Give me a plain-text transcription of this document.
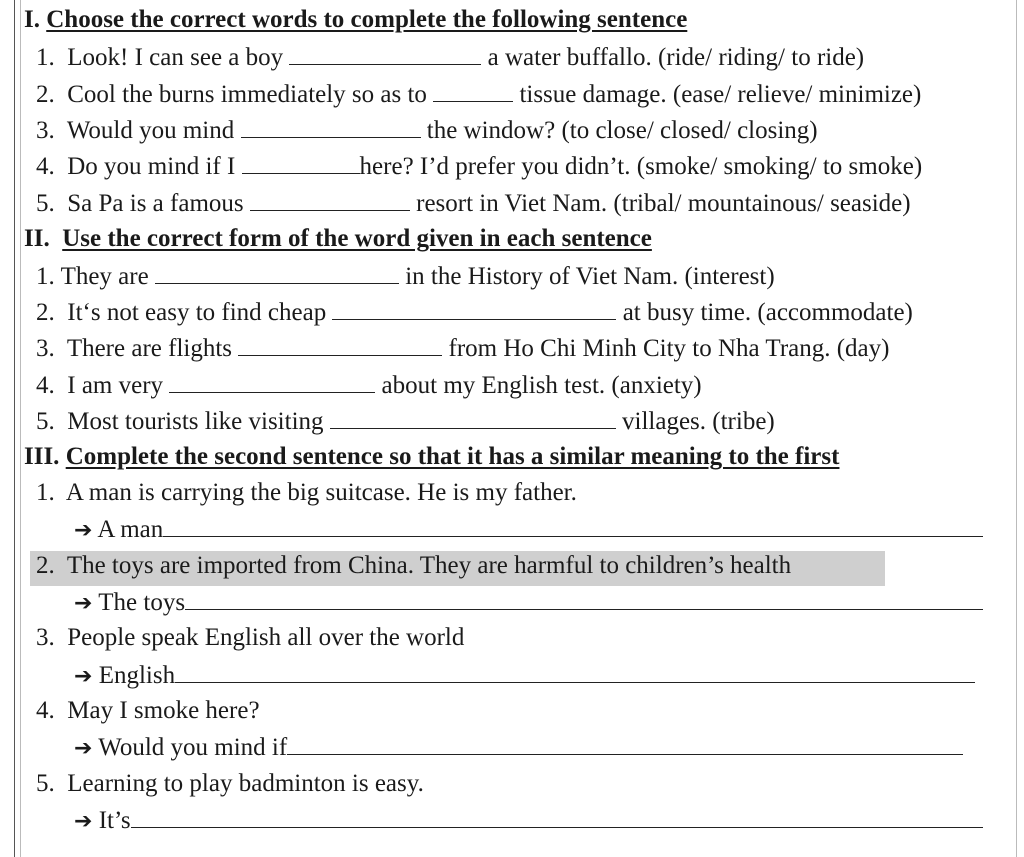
I. Choose the correct words to complete the following sentence
1. Look! I can see a boy	a water buffallo. (ride/ riding/ to ride)
2. Cool the burns immediately so as to	tissue damage. (ease/ relieve/ minimize)
3. Would you mind	the window? (to close/ closed/ closing)
4. Do you mind if I	here? I’d prefer you didn’t. (smoke/ smoking/ to smoke)
5. Sa Pa is a famous	resort in Viet Nam. (tribal/ mountainous/ seaside)
II. Use the correct form of the word given in each sentence
1. They are	in the History of Viet Nam. (interest)
2. It‘s not easy to find cheap	at busy time. (accommodate)
3. There are flights	from Ho Chi Minh City to Nha Trang. (day)
4. I am very	about my English test. (anxiety)
5. Most tourists like visiting	villages. (tribe)
III. Complete the second sentence so that it has a similar meaning to the first
1. A man is carrying the big suitcase. He is my father.
➔ A man
2. The toys are imported from China. They are harmful to children’s health
➔ The toys
3. People speak English all over the world
➔ English
4. May I smoke here?
➔ Would you mind if
5. Learning to play badminton is easy.
➔ It’s
